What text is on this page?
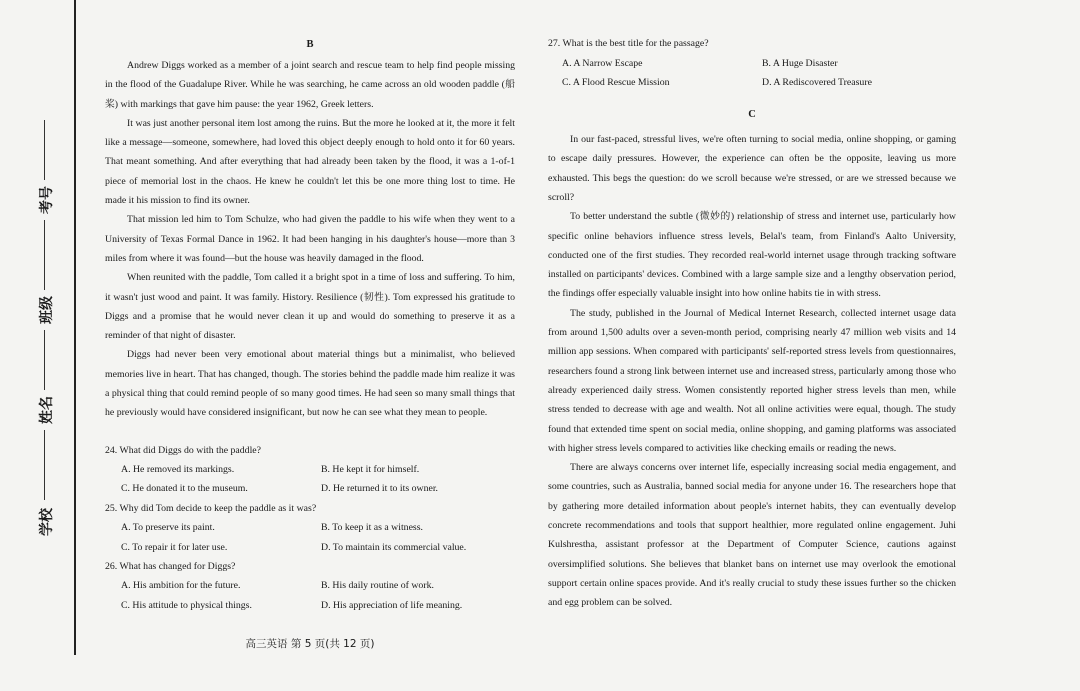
考号
班级
姓名
学校
B

Andrew Diggs worked as a member of a joint search and rescue team to help find people missing in the flood of the Guadalupe River. While he was searching, he came across an old wooden paddle (船桨) with markings that gave him pause: the year 1962, Greek letters.

It was just another personal item lost among the ruins. But the more he looked at it, the more it felt like a message—someone, somewhere, had loved this object deeply enough to hold onto it for 60 years. That meant something. And after everything that had already been taken by the flood, it was a 1-of-1 piece of memorial lost in the chaos. He knew he couldn't let this be one more thing lost to time. He made it his mission to find its owner.

That mission led him to Tom Schulze, who had given the paddle to his wife when they went to a University of Texas Formal Dance in 1962. It had been hanging in his daughter's house—more than 3 miles from where it was found—but the house was heavily damaged in the flood.

When reunited with the paddle, Tom called it a bright spot in a time of loss and suffering. To him, it wasn't just wood and paint. It was family. History. Resilience (韧性). Tom expressed his gratitude to Diggs and a promise that he would never clean it up and would do something to preserve it as a reminder of that night of disaster.

Diggs had never been very emotional about material things but a minimalist, who believed memories live in heart. That has changed, though. The stories behind the paddle made him realize it was a physical thing that could remind people of so many good times. He had seen so many small things that he previously would have considered insignificant, but now he can see what they mean to people.

24. What did Diggs do with the paddle?
A. He removed its markings.	B. He kept it for himself.
C. He donated it to the museum.	D. He returned it to its owner.
25. Why did Tom decide to keep the paddle as it was?
A. To preserve its paint.	B. To keep it as a witness.
C. To repair it for later use.	D. To maintain its commercial value.
26. What has changed for Diggs?
A. His ambition for the future.	B. His daily routine of work.
C. His attitude to physical things.	D. His appreciation of life meaning.
高三英语 第 5 页(共 12 页)
27. What is the best title for the passage?
A. A Narrow Escape	B. A Huge Disaster
C. A Flood Rescue Mission	D. A Rediscovered Treasure
C

In our fast-paced, stressful lives, we're often turning to social media, online shopping, or gaming to escape daily pressures. However, the experience can often be the opposite, leaving us more exhausted. This begs the question: do we scroll because we're stressed, or are we stressed because we scroll?

To better understand the subtle (微妙的) relationship of stress and internet use, particularly how specific online behaviors influence stress levels, Belal's team, from Finland's Aalto University, conducted one of the first studies. They recorded real-world internet usage through tracking software installed on participants' devices. Combined with a large sample size and a lengthy observation period, the findings offer especially valuable insight into how online habits tie in with stress.

The study, published in the Journal of Medical Internet Research, collected internet usage data from around 1,500 adults over a seven-month period, comprising nearly 47 million web visits and 14 million app sessions. When compared with participants' self-reported stress levels from questionnaires, researchers found a strong link between internet use and increased stress, particularly among those who already experienced daily stress. Women consistently reported higher stress levels than men, while stress tended to decrease with age and wealth. Not all online activities were equal, though. The study found that extended time spent on social media, online shopping, and gaming platforms was associated with higher stress levels compared to activities like checking emails or reading the news.

There are always concerns over internet life, especially increasing social media engagement, and some countries, such as Australia, banned social media for anyone under 16. The researchers hope that by gathering more detailed information about people's internet habits, they can eventually develop concrete recommendations and tools that support healthier, more regulated online engagement. Juhi Kulshrestha, assistant professor at the Department of Computer Science, cautions against oversimplified solutions. She believes that blanket bans on internet use may overlook the emotional support certain online spaces provide. And it's really crucial to study these issues further so the chicken and egg problem can be solved.
